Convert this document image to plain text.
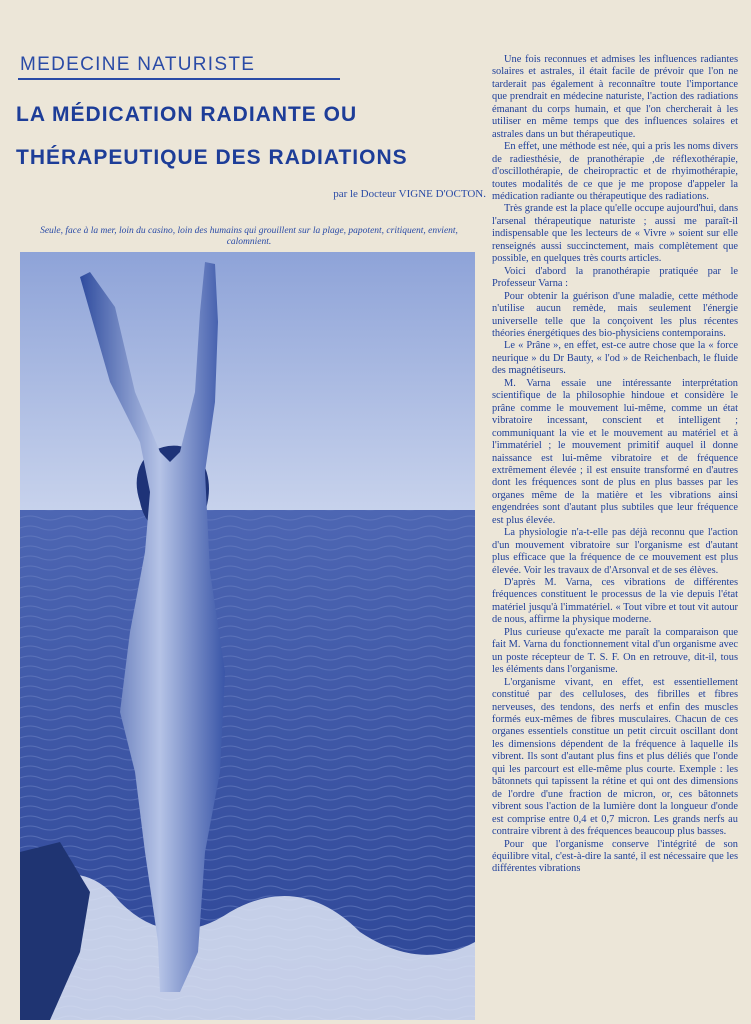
MEDECINE NATURISTE
LA MÉDICATION RADIANTE OU
THÉRAPEUTIQUE DES RADIATIONS
par le Docteur VIGNE D'OCTON.
Seule, face à la mer, loin du casino, loin des humains qui grouillent sur la plage, papotent, critiquent, envient, calomnient.

Une fois reconnues et admises les influences radiantes solaires et astrales, il était facile de prévoir que l'on ne tarderait pas également à reconnaître toute l'importance que prendrait en médecine naturiste, l'action des radiations émanant du corps humain, et que l'on chercherait à les utiliser en même temps que des influences solaires et astrales dans un but thérapeutique.

En effet, une méthode est née, qui a pris les noms divers de radiesthésie, de pranothérapie ,de réflexothérapie, d'oscillothérapie, de cheiropractic et de rhyimothérapie, toutes modalités de ce que je me propose d'appeler la médication radiante ou thérapeutique des radiations.

Très grande est la place qu'elle occupe aujourd'hui, dans l'arsenal thérapeutique naturiste ; aussi me paraît-il indispensable que les lecteurs de « Vivre » soient sur elle renseignés aussi succinctement, mais complètement que possible, en quelques très courts articles.

Voici d'abord la pranothérapie pratiquée par le Professeur Varna :

Pour obtenir la guérison d'une maladie, cette méthode n'utilise aucun remède, mais seulement l'énergie universelle telle que la conçoivent les plus récentes théories énergétiques des bio-physiciens contemporains.

Le « Prâne », en effet, est-ce autre chose que la « force neurique » du Dr Bauty, « l'od » de Reichenbach, le fluide des magnétiseurs.

M. Varna essaie une intéressante interprétation scientifique de la philosophie hindoue et considère le prâne comme le mouvement lui-même, comme un état vibratoire incessant, conscient et intelligent ; communiquant la vie et le mouvement au matériel et à l'immatériel ; le mouvement primitif auquel il donne naissance est lui-même vibratoire et de fréquence extrêmement élevée ; il est ensuite transformé en d'autres dont les fréquences sont de plus en plus basses par les organes même de la matière et les vibrations ainsi engendrées sont d'autant plus subtiles que leur fréquence est plus élevée.

La physiologie n'a-t-elle pas déjà reconnu que l'action d'un mouvement vibratoire sur l'organisme est d'autant plus efficace que la fréquence de ce mouvement est plus élevée. Voir les travaux de d'Arsonval et de ses élèves.

D'après M. Varna, ces vibrations de différentes fréquences constituent le processus de la vie depuis l'état matériel jusqu'à l'immatériel. « Tout vibre et tout vit autour de nous, affirme la physique moderne.

Plus curieuse qu'exacte me paraît la comparaison que fait M. Varna du fonctionnement vital d'un organisme avec un poste récepteur de T. S. F. On en retrouve, dit-il, tous les éléments dans l'organisme.

L'organisme vivant, en effet, est essentiellement constitué par des celluloses, des fibrilles et fibres nerveuses, des tendons, des nerfs et enfin des muscles formés eux-mêmes de fibres musculaires. Chacun de ces organes essentiels constitue un petit circuit oscillant dont les dimensions dépendent de la fréquence à laquelle ils vibrent. Ils sont d'autant plus fins et plus déliés que l'onde qui les parcourt est elle-même plus courte. Exemple : les bâtonnets qui tapissent la rétine et qui ont des dimensions de l'ordre d'une fraction de micron, or, ces bâtonnets vibrent sous l'action de la lumière dont la longueur d'onde est comprise entre 0,4 et 0,7 micron. Les grands nerfs au contraire vibrent à des fréquences beaucoup plus basses.

Pour que l'organisme conserve l'intégrité de son équilibre vital, c'est-à-dire la santé, il est nécessaire que les différentes vibrations
